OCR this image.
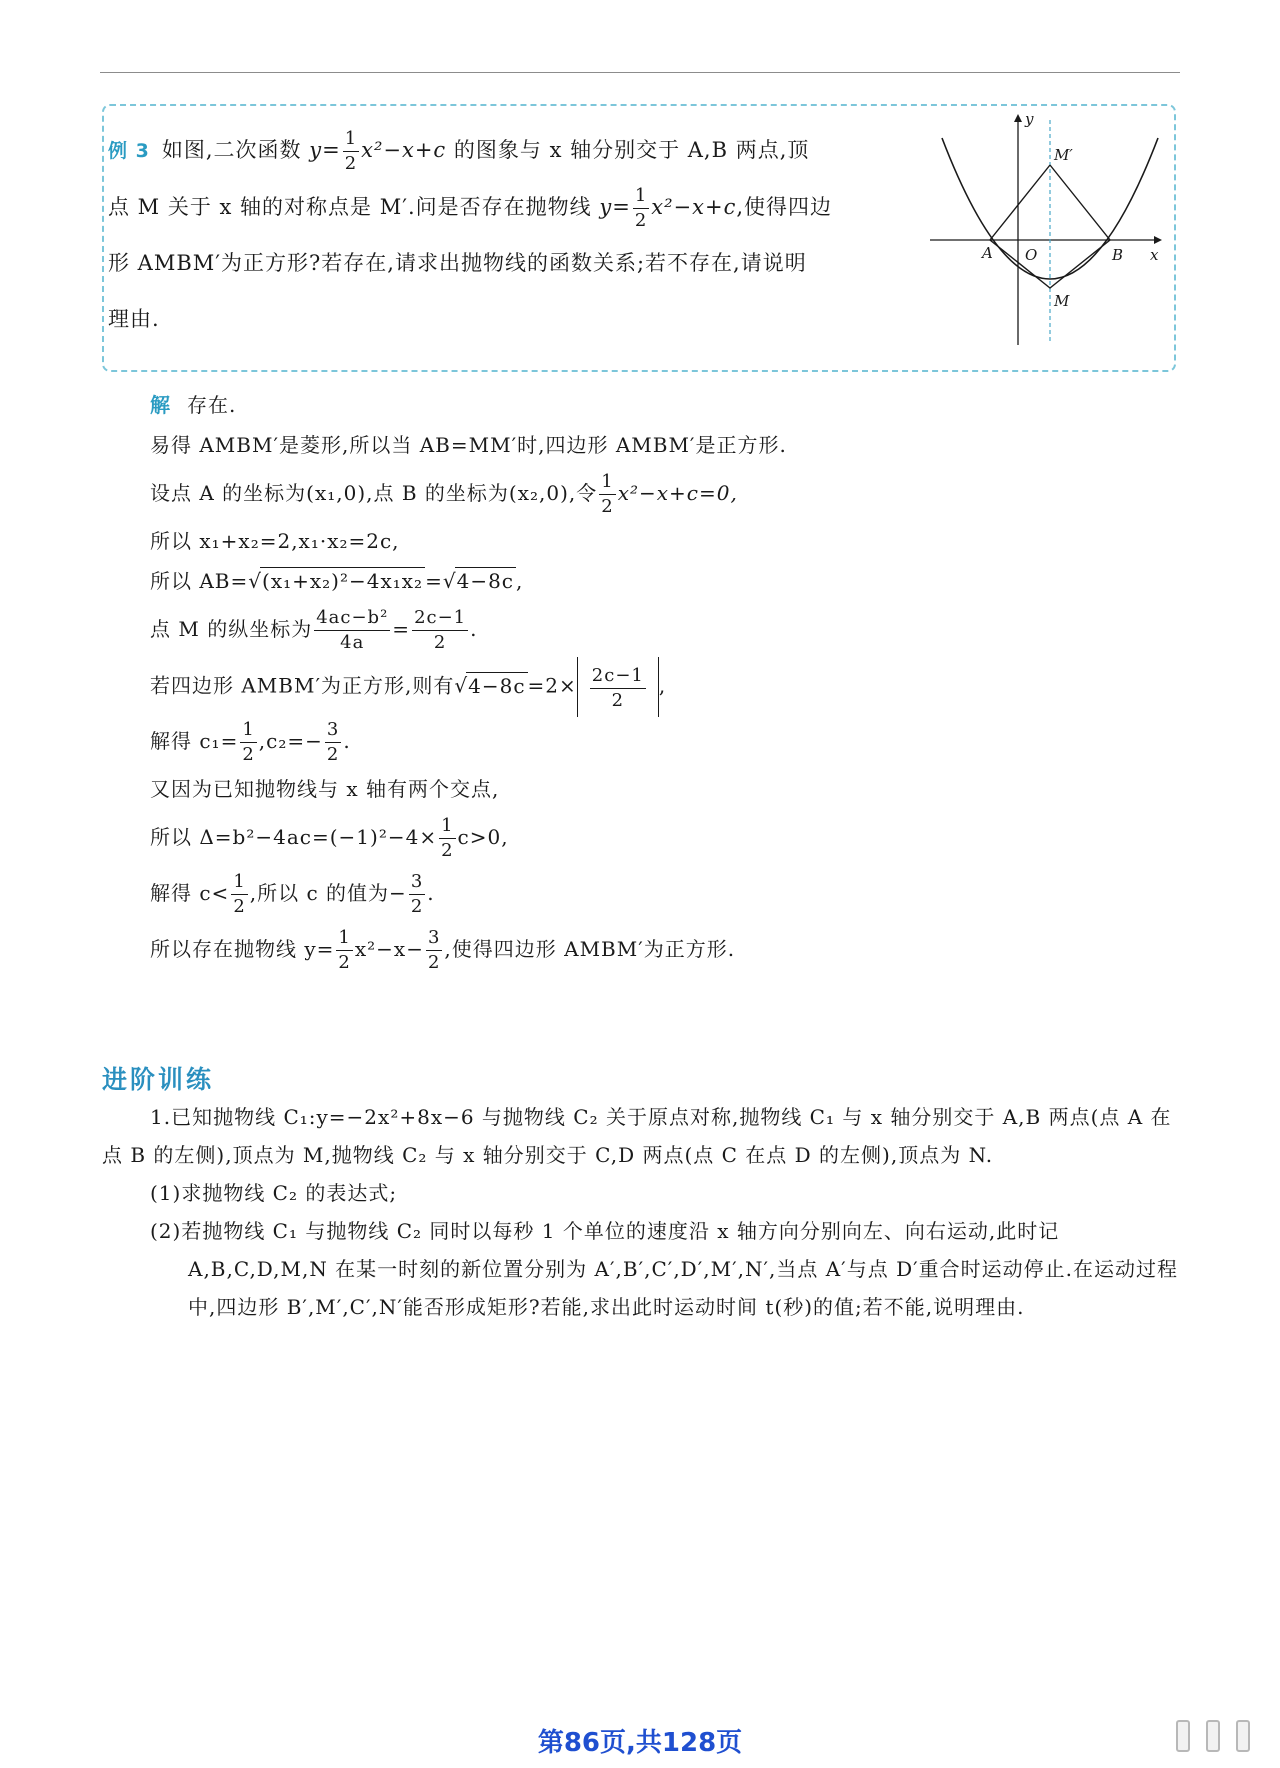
例 3 如图,二次函数 $y= \frac{1}{2} x^2-x+c$ 的图象与 x 轴分别交于 A,B 两点,顶
点 M 关于 x 轴的对称点是 M′.问是否存在抛物线 $y= \frac{1}{2} x^2-x+c$,使得四边
形 AMBM′为正方形?若存在,请求出抛物线的函数关系;若不存在,请说明
理由.
y
x
O
A	B
M
M′
解 存在.
易得 AMBM′是菱形,所以当 AB=MM′时,四边形 AMBM′是正方形.
设点 A 的坐标为(x₁,0),点 B 的坐标为(x₂,0),令 $\frac{1}{2} x^2-x+c=0$,
所以 x₁+x₂=2,x₁·x₂=2c,
所以 AB=√(x₁+x₂)²−4x₁x₂ =√4−8c ,
点 M 的纵坐标为 $\frac{\text{4ac−b²}}{4a} = \frac{2c-1}{2}$ .
若四边形 AMBM′为正方形,则有$√4-8c =2\times \frac{2c-1}{2}$ ,
解得 $c_1= \frac{1}{2} ,c_2=- \frac{3}{2}$ .
又因为已知抛物线与 x 轴有两个交点,
所以 $\Delta=b^2-4ac=(-1)^2-4\times \frac{1}{2} c>0$,
解得 $c< \frac{1}{2}$ ,所以 c 的值为− $\frac{3}{2}$ .
所以存在抛物线 $y= \frac{1}{2} x^2-x- \frac{3}{2}$ ,使得四边形 AMBM′为正方形.
进阶训练

1.已知抛物线 C₁:y=−2x²+8x−6 与抛物线 C₂ 关于原点对称,抛物线 C₁ 与 x 轴分别交于 A,B 两点(点 A 在点 B 的左侧),顶点为 M,抛物线 C₂ 与 x 轴分别交于 C,D 两点(点 C 在点 D 的左侧),顶点为 N.

(1)求抛物线 C₂ 的表达式;

(2)若抛物线 C₁ 与抛物线 C₂ 同时以每秒 1 个单位的速度沿 x 轴方向分别向左、向右运动,此时记
A,B,C,D,M,N 在某一时刻的新位置分别为 A′,B′,C′,D′,M′,N′,当点 A′与点 D′重合时运动停止.在运动过程中,四边形 B′,M′,C′,N′能否形成矩形?若能,求出此时运动时间 t(秒)的值;若不能,说明理由.

第86页,共128页
